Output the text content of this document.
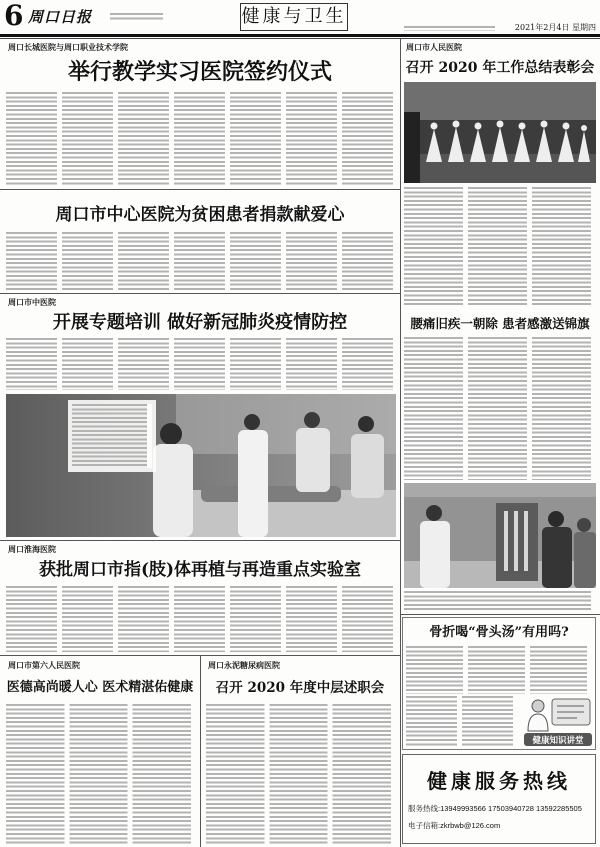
6 周口日报	健康与卫生
2021年2月4日 星期四
周口长城医院与周口职业技术学院
举行教学实习医院签约仪式
周口市中心医院为贫困患者捐款献爱心
周口市中医院
开展专题培训 做好新冠肺炎疫情防控
周口淮海医院
获批周口市指(肢)体再植与再造重点实验室
周口市第六人民医院
医德高尚暖人心 医术精湛佑健康
周口永泥糖尿病医院
召开 2020 年度中层述职会
周口市人民医院
召开 2020 年工作总结表彰会
腰痛旧疾一朝除 患者感激送锦旗
骨折喝“骨头汤”有用吗?
健康知识讲堂
健康服务热线
服务热线:13949993566 17503940728 13592285505
电子信箱:zkrbwb@126.com
